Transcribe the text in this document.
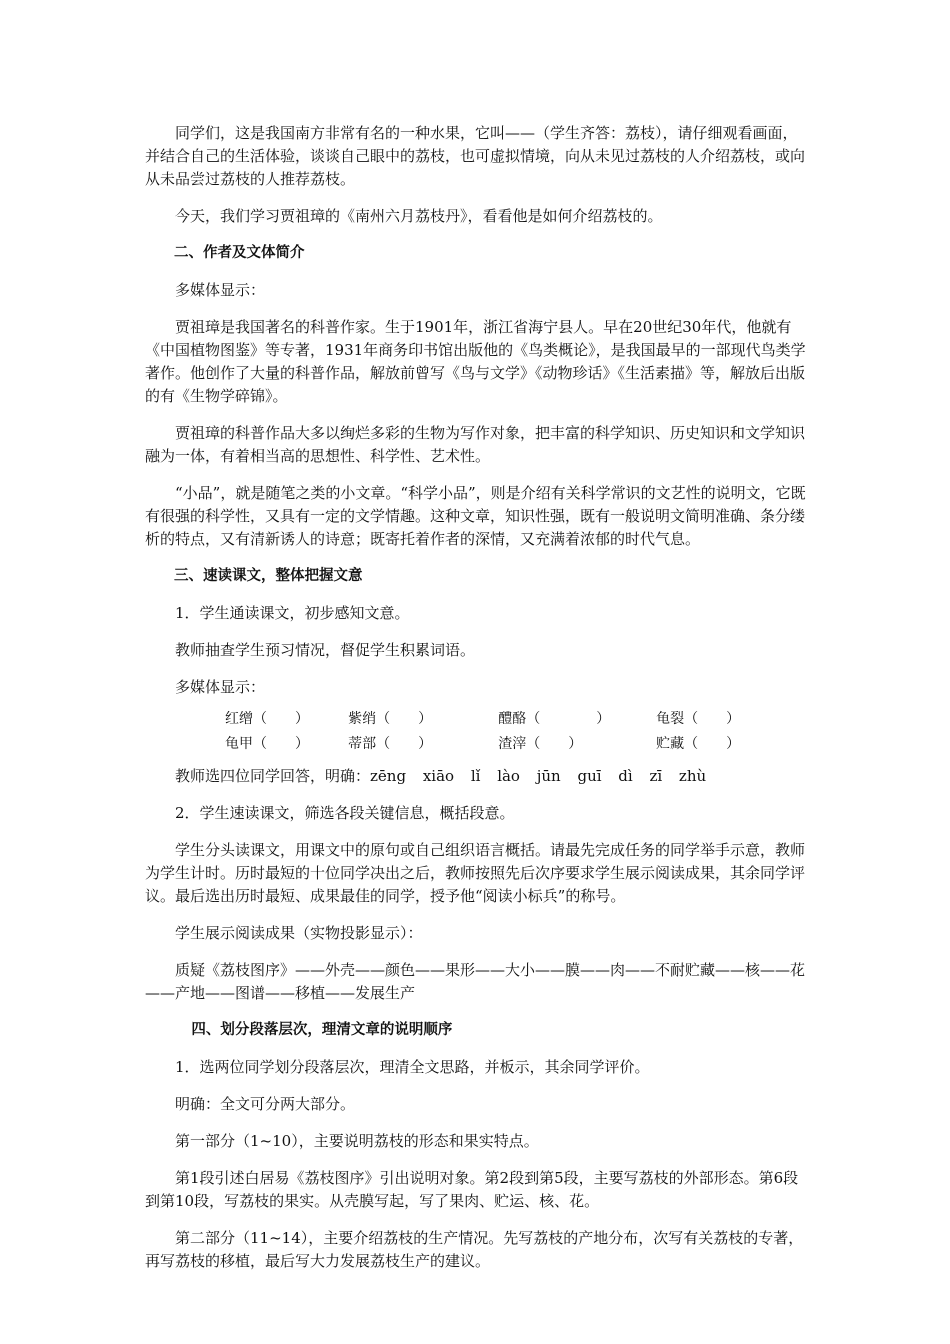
同学们，这是我国南方非常有名的一种水果，它叫——（学生齐答：荔枝），请仔细观看画面，并结合自己的生活体验，谈谈自己眼中的荔枝，也可虚拟情境，向从未见过荔枝的人介绍荔枝，或向从未品尝过荔枝的人推荐荔枝。

今天，我们学习贾祖璋的《南州六月荔枝丹》，看看他是如何介绍荔枝的。

二、作者及文体简介

多媒体显示：

贾祖璋是我国著名的科普作家。生于1901年，浙江省海宁县人。早在20世纪30年代，他就有《中国植物图鉴》等专著，1931年商务印书馆出版他的《鸟类概论》，是我国最早的一部现代鸟类学著作。他创作了大量的科普作品，解放前曾写《鸟与文学》《动物珍话》《生活素描》等，解放后出版的有《生物学碎锦》。

贾祖璋的科普作品大多以绚烂多彩的生物为写作对象，把丰富的科学知识、历史知识和文学知识融为一体，有着相当高的思想性、科学性、艺术性。

“小品”，就是随笔之类的小文章。“科学小品”，则是介绍有关科学常识的文艺性的说明文，它既有很强的科学性，又具有一定的文学情趣。这种文章，知识性强，既有一般说明文简明准确、条分缕析的特点，又有清新诱人的诗意；既寄托着作者的深情，又充满着浓郁的时代气息。

三、速读课文，整体把握文意

1．学生通读课文，初步感知文意。

教师抽查学生预习情况，督促学生积累词语。

多媒体显示：

红缯（　　）	紫绡（　　）	醴酪（　　　　）	龟裂（　　）
龟甲（　　）	蒂部（　　）	渣滓（　　）	贮藏（　　）

教师选四位同学回答，明确：zēng xiāo lǐ lào jūn guī dì zī zhù

2．学生速读课文，筛选各段关键信息，概括段意。

学生分头读课文，用课文中的原句或自己组织语言概括。请最先完成任务的同学举手示意，教师为学生计时。历时最短的十位同学决出之后，教师按照先后次序要求学生展示阅读成果，其余同学评议。最后选出历时最短、成果最佳的同学，授予他“阅读小标兵”的称号。

学生展示阅读成果（实物投影显示）：

质疑《荔枝图序》——外壳——颜色——果形——大小——膜——肉——不耐贮藏——核——花——产地——图谱——移植——发展生产

四、划分段落层次，理清文章的说明顺序

1．选两位同学划分段落层次，理清全文思路，并板示，其余同学评价。

明确：全文可分两大部分。

第一部分（1~10），主要说明荔枝的形态和果实特点。

第1段引述白居易《荔枝图序》引出说明对象。第2段到第5段，主要写荔枝的外部形态。第6段到第10段，写荔枝的果实。从壳膜写起，写了果肉、贮运、核、花。

第二部分（11~14），主要介绍荔枝的生产情况。先写荔枝的产地分布，次写有关荔枝的专著，再写荔枝的移植，最后写大力发展荔枝生产的建议。
